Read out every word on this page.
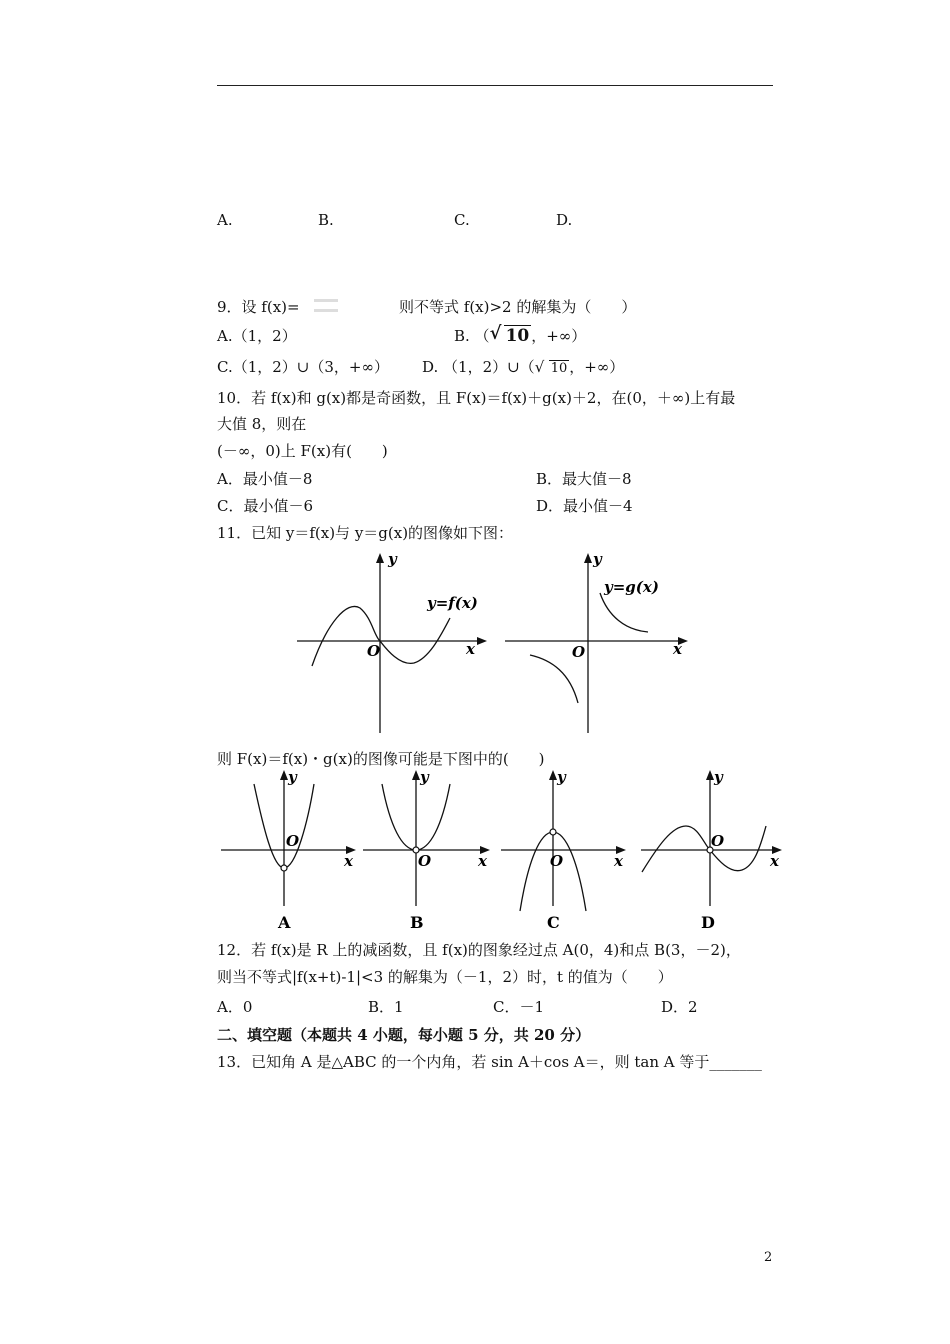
A.	B.	C.	D.
9．设 f(x)=	则不等式 f(x)>2 的解集为（　　）
A.（1，2）	B. （ √ 10 ，+∞）
C.（1，2）∪（3，+∞） D. （1，2）∪（ √ 10 ，+∞）
10．若 f(x)和 g(x)都是奇函数，且 F(x)＝f(x)＋g(x)＋2，在(0，＋∞)上有最
大值 8，则在
(－∞，0)上 F(x)有(　　)
A．最小值－8	B．最大值－8
C．最小值－6	D．最小值－4
11．已知 y＝f(x)与 y＝g(x)的图像如下图：
y
x
O
y=f(x)
y
x
O
y=g(x)
则 F(x)＝f(x)・g(x)的图像可能是下图中的(　　)
y
x
O
A
y
x
O
B
y
x
O
C
y
x
O
D
12．若 f(x)是 R 上的减函数，且 f(x)的图象经过点 A(0，4)和点 B(3，－2)，
则当不等式|f(x+t)-1|<3 的解集为（－1，2）时，t 的值为（　　）
A．0	B．1	C．－1	D．2
二、填空题（本题共 4 小题，每小题 5 分，共 20 分）
13．已知角 A 是△ABC 的一个内角，若 sin A＋cos A＝，则 tan A 等于_______
2
